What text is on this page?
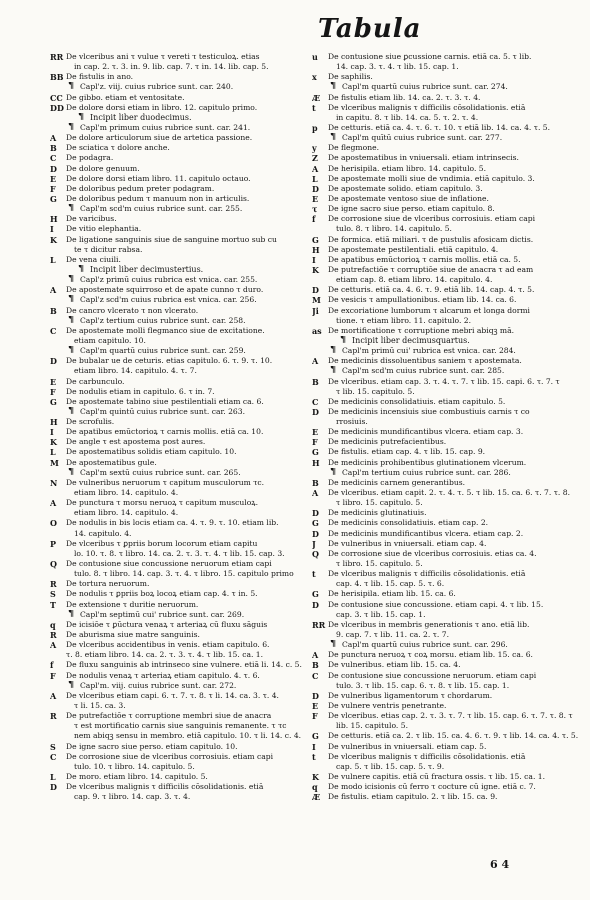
Tabula
RR De vlceribus ani τ vulue τ vereti τ testiculoꝝ. etias
in cap. 2. τ. 3. in. 9. lib. cap. 7. τ in. 14. lib. cap. 5.
BB De fistulis in ano.
¶ Capl'z. viij. cuius rubrice sunt. car. 240.
CC De gibbo. etiam et ventositate.
DD De dolore dorsi etiam in libro. 12. capitulo primo.
¶ Incipit liber duodecimus.
¶ Capl'm primum cuius rubrice sunt. car. 241.
A	De dolore articulorum siue de artetica passione.
B	De sciatica τ dolore anche.
C	De podagra.
D	De dolore genuum.
E	De dolore dorsi etiam libro. 11. capitulo octauo.
F	De doloribus pedum preter podagram.
G	De doloribus pedum τ manuum non in articulis.
¶ Capl'm scd'm cuius rubrice sunt. car. 255.
H	De varicibus.
I	De vitio elephantia.
K	De ligatione sanguinis siue de sanguine mortuo sub cu
te τ dicitur rabsa.
L	De vena ciuili.
¶ Incipit liber decimustertius.
¶ Capl'z primū cuius rubrica est vnica. car. 255.
A	De apostemate squirroso et de apate cunno τ duro.
¶ Capl'z scd'm cuius rubrica est vnica. car. 256.
B	De cancro vlcerato τ non vlcerato.
¶ Capl'z tertium cuius rubrice sunt. car. 258.
C	De apostemate molli flegmanco siue de excitatione.
etiam capitulo. 10.
¶ Capl'm quartū cuius rubrice sunt. car. 259.
D	De bubalar ue de ceturis. etias capitulo. 6. τ. 9. τ. 10.
etiam libro. 14. capitulo. 4. τ. 7.
E	De carbunculo.
F	De nodulis etiam in capitulo. 6. τ in. 7.
G	De apostemate tabino siue pestilentiali etiam ca. 6.
¶ Capl'm quintū cuius rubrice sunt. car. 263.
H	De scrofulis.
I	De apatibus emūctorioꝝ τ carnis mollis. etiā ca. 10.
K	De angle τ est apostema post aures.
L	De apostematibus solidis etiam capitulo. 10.
M De apostematibus gule.
¶ Capl'm sextū cuius rubrice sunt. car. 265.
N	De vulneribus neruorum τ capitum musculorum τc.
etiam libro. 14. capitulo. 4.
A	De punctura τ morsu neruoꝝ τ capitum musculoꝝ.
etiam libro. 14. capitulo. 4.
O	De nodulis in bis locis etiam ca. 4. τ. 9. τ. 10. etiam lib.
14. capitulo. 4.
P	De vlceribus τ ꝑpriis borum locorum etiam capitu
lo. 10. τ. 8. τ libro. 14. ca. 2. τ. 3. τ. 4. τ lib. 15. cap. 3.
Q	De contusione siue concussione neruorum etiam capi
tulo. 8. τ libro. 14. cap. 3. τ. 4. τ libro. 15. capitulo primo
R	De tortura neruorum.
S	De nodulis τ ꝑpriis boꝝ locoꝝ etiam cap. 4. τ in. 5.
T	De extensione τ duritie neruorum.
¶ Capl'm septimū cui' rubrice sunt. car. 269.
q	De icisiōe τ ꝑūctura venaꝝ τ arteriaꝝ cū fluxu sāguis
R	De aburisma siue matre sanguinis.
A	De vlceribus accidentibus in venis. etiam capitulo. 6.
τ. 8. etiam libro. 14. ca. 2. τ. 3. τ. 4. τ lib. 15. ca. 1.
f	De fluxu sanguinis ab intrinseco sine vulnere. etiā li. 14. c. 5.
F	De nodulis venaꝝ τ arteriaꝝ etiam capitulo. 4. τ. 6.
¶ Capl'm. viij. cuius rubrice sunt. car. 272.
A	De vlceribus etiam capi. 6. τ. 7. τ. 8. τ li. 14. ca. 3. τ. 4.
τ li. 15. ca. 3.
R	De putrefactiōe τ corruptione membri siue de anacra
τ est mortificatio carnis siue sanguinis remanente. τ τc
nem abiqꝫ sensu in membro. etiā capitulo. 10. τ li. 14. c. 4.
S	De igne sacro siue perso. etiam capitulo. 10.
C	De corrosione siue de vlceribus corrosiuis. etiam capi
tulo. 10. τ libro. 14. capitulo. 5.
L	De moro. etiam libro. 14. capitulo. 5.
D	De vlceribus malignis τ difficilis cōsolidationis. etiā
cap. 9. τ libro. 14. cap. 3. τ. 4.
u	De contusione siue ꝑcussione carnis. etiā ca. 5. τ lib.
14. cap. 3. τ. 4. τ lib. 15. cap. 1.
x	De saphilis.
¶ Capl'm quartū cuius rubrice sunt. car. 274.
Æ	De fistulis etiam lib. 14. ca. 2. τ. 3. τ. 4.
t	De vlceribus malignis τ difficilis cōsolidationis. etiā
in capitu. 8. τ lib. 14. ca. 5. τ. 2. τ. 4.
p	De cetturis. etiā ca. 4. τ. 6. τ. 10. τ etiā lib. 14. ca. 4. τ. 5.
¶ Capl'm quītū cuius rubrice sunt. car. 277.
y	De flegmone.
Z	De apostematibus in vniuersali. etiam intrinsecis.
A	De herisipila. etiam libro. 14. capitulo. 5.
L	De apostemate molli siue de vndimia. etiā capitulo. 3.
D	De apostemate solido. etiam capitulo. 3.
E	De apostemate ventoso siue de inflatione.
τ	De igne sacro siue perso. etiam capitulo. 8.
f	De corrosione siue de vlceribus corrosiuis. etiam capi
tulo. 8. τ libro. 14. capitulo. 5.
G	De formica. etiā miliari. τ de pustulis afosicam dictis.
H	De apostemate pestilentiali. etiā capitulo. 4.
I	De apatibus emūctorioꝝ τ carnis mollis. etiā ca. 5.
K	De putrefactiōe τ corruptiōe siue de anacra τ ad eam
etiam cap. 8. etiam libro. 14. capitulo. 4.
D	De cetturis. etiā ca. 4. 6. τ. 9. etiā lib. 14. cap. 4. τ. 5.
M De vesicis τ ampullationibus. etiam lib. 14. ca. 6.
Ji	De excoriatione lumborum τ alcarum et longa dormi
tione. τ etiam libro. 11. capitulo. 2.
as De mortificatione τ corruptione mebri abiqꝫ mā.
¶ Incipit liber decimusquartus.
¶ Capl'm primū cui' rubrica est vnica. car. 284.
A	De medicinis dissoluentibus saniem τ apostemata.
¶ Capl'm scd'm cuius rubrice sunt. car. 285.
B	De vlceribus. etiam cap. 3. τ. 4. τ. 7. τ lib. 15. capi. 6. τ. 7. τ
τ lib. 15. capitulo. 5.
C	De medicinis consolidatiuis. etiam capitulo. 5.
D	De medicinis incensiuis siue combustiuis carnis τ co
rrosiuis.
E	De medicinis mundificantibus vlcera. etiam cap. 3.
F	De medicinis putrefacientibus.
G	De fistulis. etiam cap. 4. τ lib. 15. cap. 9.
H	De medicinis prohibentibus glutinationem vlcerum.
¶ Capl'm tertium cuius rubrice sunt. car. 286.
B	De medicinis carnem generantibus.
A	De vlceribus. etiam capit. 2. τ. 4. τ. 5. τ lib. 15. ca. 6. τ. 7. τ. 8.
τ libro. 15. capitulo. 5.
D	De medicinis glutinatiuis.
G	De medicinis consolidatiuis. etiam cap. 2.
D	De medicinis mundificantibus vlcera. etiam cap. 2.
J	De vulneribus in vniuersali. etiam cap. 4.
Q	De corrosione siue de vlceribus corrosiuis. etias ca. 4.
τ libro. 15. capitulo. 5.
t	De vlceribus malignis τ difficilis cōsolidationis. etiā
cap. 4. τ lib. 15. cap. 5. τ. 6.
G	De herisipila. etiam lib. 15. ca. 6.
D	De contusione siue concussione. etiam capi. 4. τ lib. 15.
cap. 3. τ lib. 15. cap. 1.
RR De vlceribus in membris generationis τ ano. etiā lib.
9. cap. 7. τ lib. 11. ca. 2. τ. 7.
¶ Capl'm quartū cuius rubrice sunt. car. 296.
A	De punctura neruoꝝ τ coꝝ morsu. etiam lib. 15. ca. 6.
B	De vulneribus. etiam lib. 15. ca. 4.
C	De contusione siue concussione neruorum. etiam capi
tulo. 3. τ lib. 15. cap. 6. τ. 8. τ lib. 15. cap. 1.
D	De vulneribus ligamentorum τ chordarum.
E	De vulnere ventris penetrante.
F	De vlceribus. etias cap. 2. τ. 3. τ. 7. τ lib. 15. cap. 6. τ. 7. τ. 8. τ
lib. 15. capitulo. 5.
G	De cetturis. etiā ca. 2. τ lib. 15. ca. 4. 6. τ. 9. τ lib. 14. ca. 4. τ. 5.
I	De vulneribus in vniuersali. etiam cap. 5.
t	De vlceribus malignis τ difficilis cōsolidationis. etiā
cap. 5. τ lib. 15. cap. 5. τ. 9.
K	De vulnere capitis. etiā cū fractura ossis. τ lib. 15. ca. 1.
q	De modo icisionis cū ferro τ cocture cū igne. etiā c. 7.
Æ	De fistulis. etiam capitulo. 2. τ lib. 15. ca. 9.
6 4
